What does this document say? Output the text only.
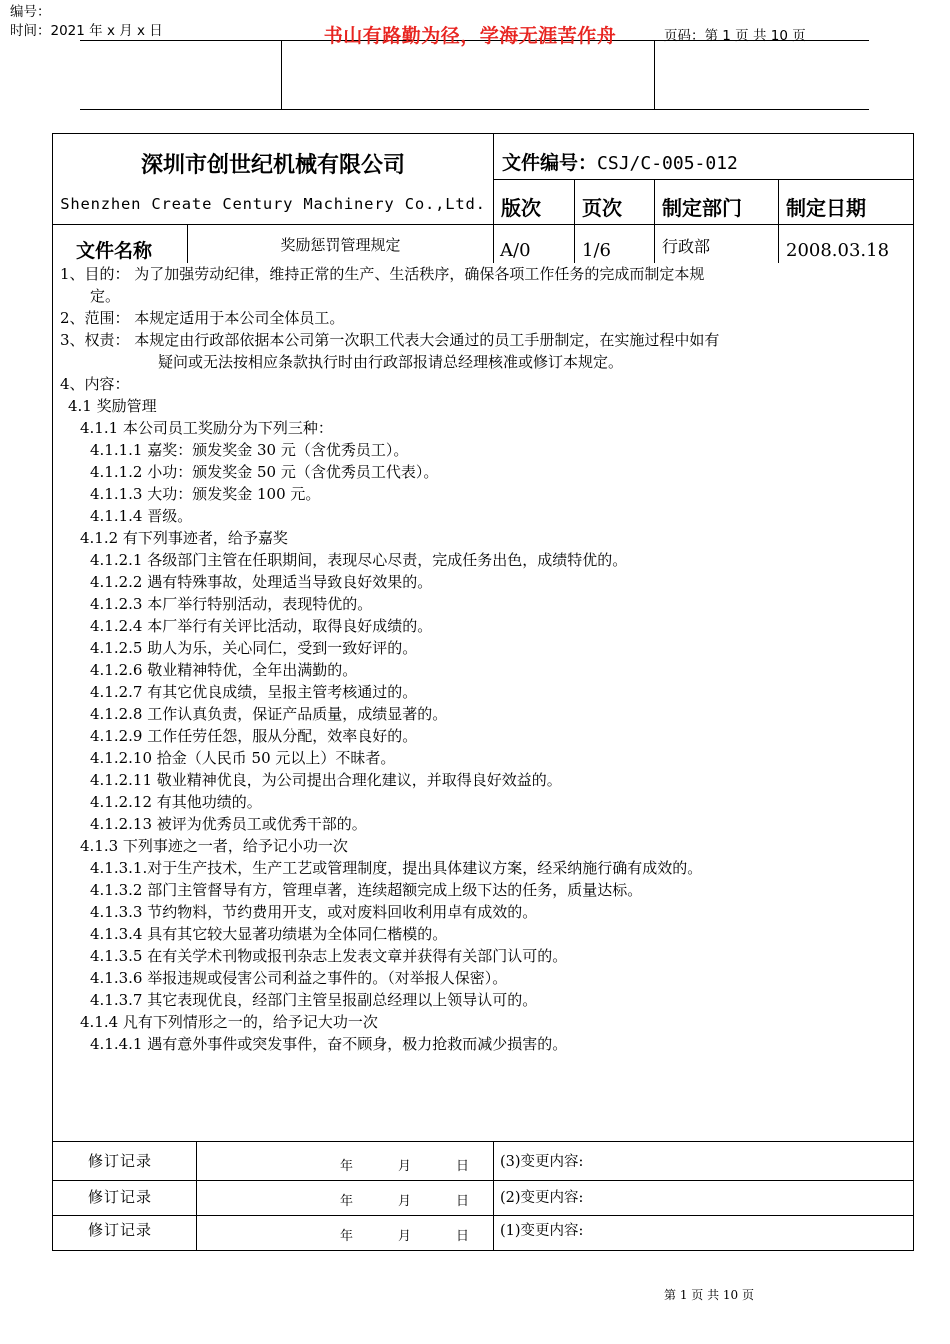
编号：
时间：2021 年 x 月 x 日	书山有路勤为径，学海无涯苦作舟	页码：第 1 页 共 10 页
深圳市创世纪机械有限公司
Shenzhen Create Century Machinery Co.,Ltd.
文件编号：CSJ/C-005-012
版次 页次 制定部门 制定日期
文件名称	奖励惩罚管理规定	A/0	1/6	行政部	2008.03.18
1、目的： 为了加强劳动纪律，维持正常的生产、生活秩序，确保各项工作任务的完成而制定本规
定。
2、范围： 本规定适用于本公司全体员工。
3、权责： 本规定由行政部依据本公司第一次职工代表大会通过的员工手册制定，在实施过程中如有
疑问或无法按相应条款执行时由行政部报请总经理核准或修订本规定。
4、内容：
4.1 奖励管理
4.1.1 本公司员工奖励分为下列三种：
4.1.1.1 嘉奖：颁发奖金 30 元（含优秀员工）。
4.1.1.2 小功：颁发奖金 50 元（含优秀员工代表）。
4.1.1.3 大功：颁发奖金 100 元。
4.1.1.4 晋级。
4.1.2 有下列事迹者，给予嘉奖
4.1.2.1 各级部门主管在任职期间，表现尽心尽责，完成任务出色，成绩特优的。
4.1.2.2 遇有特殊事故，处理适当导致良好效果的。
4.1.2.3 本厂举行特别活动，表现特优的。
4.1.2.4 本厂举行有关评比活动，取得良好成绩的。
4.1.2.5 助人为乐，关心同仁，受到一致好评的。
4.1.2.6 敬业精神特优，全年出满勤的。
4.1.2.7 有其它优良成绩，呈报主管考核通过的。
4.1.2.8 工作认真负责，保证产品质量，成绩显著的。
4.1.2.9 工作任劳任怨，服从分配，效率良好的。
4.1.2.10 拾金（人民币 50 元以上）不昧者。
4.1.2.11 敬业精神优良，为公司提出合理化建议，并取得良好效益的。
4.1.2.12 有其他功绩的。
4.1.2.13 被评为优秀员工或优秀干部的。
4.1.3 下列事迹之一者，给予记小功一次
4.1.3.1.对于生产技术，生产工艺或管理制度，提出具体建议方案，经采纳施行确有成效的。
4.1.3.2 部门主管督导有方，管理卓著，连续超额完成上级下达的任务，质量达标。
4.1.3.3 节约物料，节约费用开支，或对废料回收利用卓有成效的。
4.1.3.4 具有其它较大显著功绩堪为全体同仁楷模的。
4.1.3.5 在有关学术刊物或报刊杂志上发表文章并获得有关部门认可的。
4.1.3.6 举报违规或侵害公司利益之事件的。（对举报人保密）。
4.1.3.7 其它表现优良，经部门主管呈报副总经理以上领导认可的。
4.1.4 凡有下列情形之一的，给予记大功一次
4.1.4.1 遇有意外事件或突发事件，奋不顾身，极力抢救而减少损害的。
修订记录	年	月	日	(3)变更内容:
修订记录	年	月	日	(2)变更内容:
修订记录	年	月	日	(1)变更内容:
第 1 页 共 10 页
